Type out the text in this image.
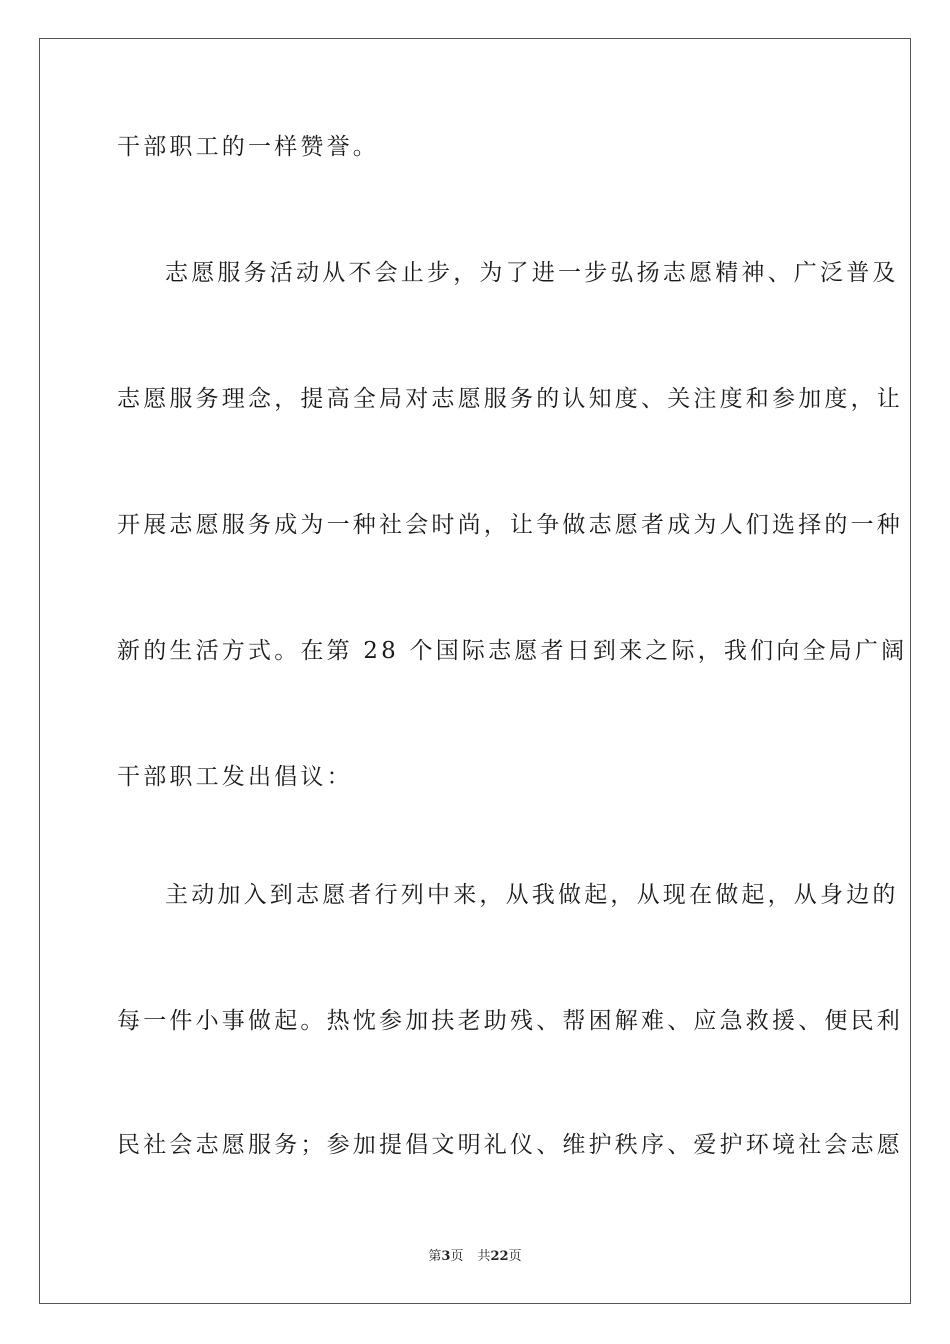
干部职工的一样赞誉。
志愿服务活动从不会止步，为了进一步弘扬志愿精神、广泛普及
志愿服务理念，提高全局对志愿服务的认知度、关注度和参加度，让
开展志愿服务成为一种社会时尚，让争做志愿者成为人们选择的一种
新的生活方式。在第 28 个国际志愿者日到来之际，我们向全局广阔
干部职工发出倡议：
主动加入到志愿者行列中来，从我做起，从现在做起，从身边的
每一件小事做起。热忱参加扶老助残、帮困解难、应急救援、便民利
民社会志愿服务；参加提倡文明礼仪、维护秩序、爱护环境社会志愿
第3页 共22页
